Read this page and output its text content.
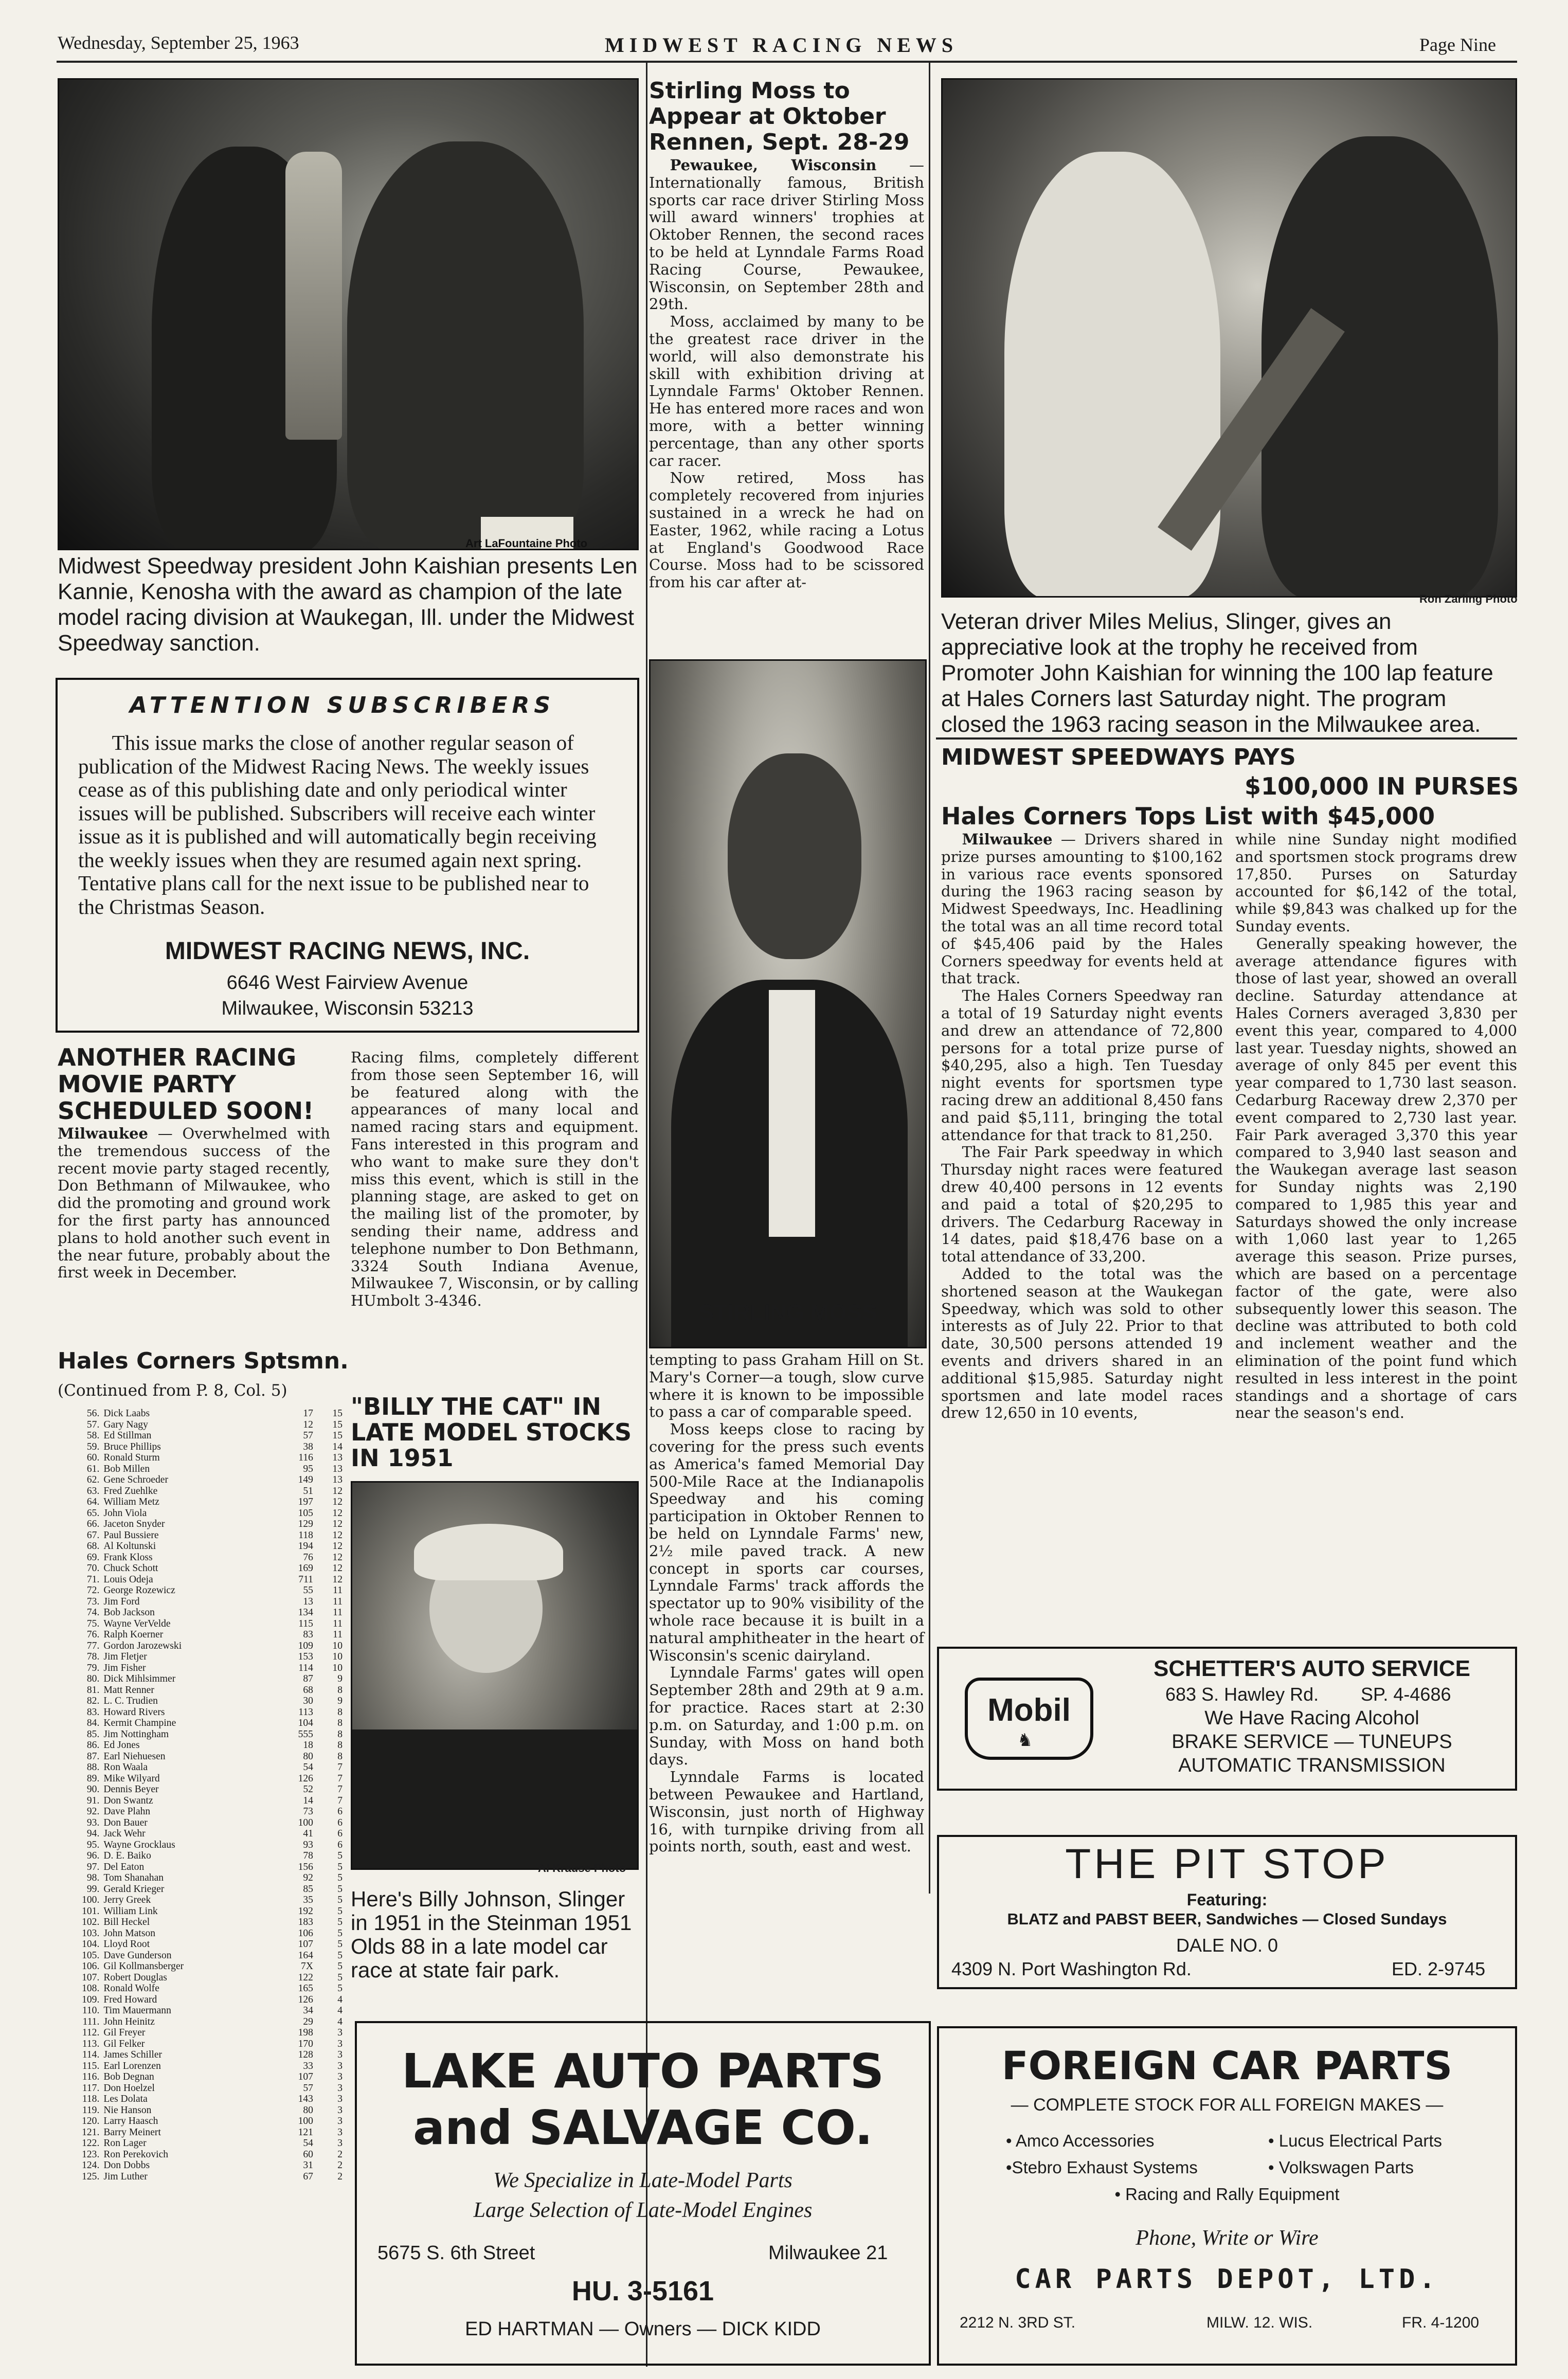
Wednesday, September 25, 1963	MIDWEST RACING NEWS	Page Nine
Art LaFountaine Photo
Midwest Speedway president John Kaishian presents Len Kannie, Kenosha with the award as champion of the late model racing division at Waukegan, Ill. under the Midwest Speedway sanction.
ATTENTION SUBSCRIBERS
This issue marks the close of another regular season of publication of the Midwest Racing News. The weekly issues cease as of this publishing date and only periodical winter issues will be published. Subscribers will receive each winter issue as it is published and will automatically begin receiving the weekly issues when they are resumed again next spring. Tentative plans call for the next issue to be published near to the Christmas Season.
MIDWEST RACING NEWS, INC.
6646 West Fairview Avenue
Milwaukee, Wisconsin 53213
ANOTHER RACING MOVIE PARTY SCHEDULED SOON!
Milwaukee — Overwhelmed with the tremendous success of the recent movie party staged recently, Don Bethmann of Milwaukee, who did the promoting and ground work for the first party has announced plans to hold another such event in the near future, probably about the first week in December.
Racing films, completely different from those seen September 16, will be featured along with the appearances of many local and named racing stars and equipment. Fans interested in this program and who want to make sure they don't miss this event, which is still in the planning stage, are asked to get on the mailing list of the promoter, by sending their name, address and telephone number to Don Bethmann, 3324 South Indiana Avenue, Milwaukee 7, Wisconsin, or by calling HUmbolt 3-4346.
Hales Corners Sptsmn.
(Continued from P. 8, Col. 5)
56.	Dick Laabs	17	15
57.	Gary Nagy	12	15
58.	Ed Stillman	57	15
59.	Bruce Phillips	38	14
60.	Ronald Sturm	116	13
61.	Bob Millen	95	13
62.	Gene Schroeder	149	13
63.	Fred Zuehlke	51	12
64.	William Metz	197	12
65.	John Viola	105	12
66.	Jaceton Snyder	129	12
67.	Paul Bussiere	118	12
68.	Al Koltunski	194	12
69.	Frank Kloss	76	12
70.	Chuck Schott	169	12
71.	Louis Odeja	711	12
72.	George Rozewicz	55	11
73.	Jim Ford	13	11
74.	Bob Jackson	134	11
75.	Wayne VerVelde	115	11
76.	Ralph Koerner	83	11
77.	Gordon Jarozewski	109	10
78.	Jim Fletjer	153	10
79.	Jim Fisher	114	10
80.	Dick Mihlsimmer	87	9
81.	Matt Renner	68	8
82.	L. C. Trudien	30	9
83.	Howard Rivers	113	8
84.	Kermit Champine	104	8
85.	Jim Nottingham	555	8
86.	Ed Jones	18	8
87.	Earl Niehuesen	80	8
88.	Ron Waala	54	7
89.	Mike Wilyard	126	7
90.	Dennis Beyer	52	7
91.	Don Swantz	14	7
92.	Dave Plahn	73	6
93.	Don Bauer	100	6
94.	Jack Wehr	41	6
95.	Wayne Grocklaus	93	6
96.	D. E. Baiko	78	5
97.	Del Eaton	156	5
98.	Tom Shanahan	92	5
99.	Gerald Krieger	85	5
100.	Jerry Greek	35	5
101.	William Link	192	5
102.	Bill Heckel	183	5
103.	John Matson	106	5
104.	Lloyd Root	107	5
105.	Dave Gunderson	164	5
106.	Gil Kollmansberger	7X	5
107.	Robert Douglas	122	5
108.	Ronald Wolfe	165	5
109.	Fred Howard	126	4
110.	Tim Mauermann	34	4
111.	John Heinitz	29	4
112.	Gil Freyer	198	3
113.	Gil Felker	170	3
114.	James Schiller	128	3
115.	Earl Lorenzen	33	3
116.	Bob Degnan	107	3
117.	Don Hoelzel	57	3
118.	Les Dolata	143	3
119.	Nie Hanson	80	3
120.	Larry Haasch	100	3
121.	Barry Meinert	121	3
122.	Ron Lager	54	3
123.	Ron Perekovich	60	2
124.	Don Dobbs	31	2
125.	Jim Luther	67	2
"BILLY THE CAT" IN LATE MODEL STOCKS IN 1951
Al Krause Photo
Here's Billy Johnson, Slinger in 1951 in the Steinman 1951 Olds 88 in a late model car race at state fair park.
Stirling Moss to Appear at Oktober Rennen, Sept. 28-29

Pewaukee, Wisconsin — Internationally famous, British sports car race driver Stirling Moss will award winners' trophies at Oktober Rennen, the second races to be held at Lynndale Farms Road Racing Course, Pewaukee, Wisconsin, on September 28th and 29th.

Moss, acclaimed by many to be the greatest race driver in the world, will also demonstrate his skill with exhibition driving at Lynndale Farms' Oktober Rennen. He has entered more races and won more, with a better winning percentage, than any other sports car racer.

Now retired, Moss has completely recovered from injuries sustained in a wreck he had on Easter, 1962, while racing a Lotus at England's Goodwood Race Course. Moss had to be scissored from his car after at-

STIRLING MOSS

tempting to pass Graham Hill on St. Mary's Corner—a tough, slow curve where it is known to be impossible to pass a car of comparable speed.

Moss keeps close to racing by covering for the press such events as America's famed Memorial Day 500-Mile Race at the Indianapolis Speedway and his coming participation in Oktober Rennen to be held on Lynndale Farms' new, 2½ mile paved track. A new concept in sports car courses, Lynndale Farms' track affords the spectator up to 90% visibility of the whole race because it is built in a natural amphitheater in the heart of Wisconsin's scenic dairyland.

Lynndale Farms' gates will open September 28th and 29th at 9 a.m. for practice. Races start at 2:30 p.m. on Saturday, and 1:00 p.m. on Sunday, with Moss on hand both days.

Lynndale Farms is located between Pewaukee and Hartland, Wisconsin, just north of Highway 16, with turnpike driving from all points north, south, east and west.

Ron Zarling Photo
Veteran driver Miles Melius, Slinger, gives an appreciative look at the trophy he received from Promoter John Kaishian for winning the 100 lap feature at Hales Corners last Saturday night. The program closed the 1963 racing season in the Milwaukee area.
MIDWEST SPEEDWAYS PAYS
$100,000 IN PURSES
Hales Corners Tops List with $45,000

Milwaukee — Drivers shared in prize purses amounting to $100,162 in various race events sponsored during the 1963 racing season by Midwest Speedways, Inc. Headlining the total was an all time record total of $45,406 paid by the Hales Corners speedway for events held at that track.

The Hales Corners Speedway ran a total of 19 Saturday night events and drew an attendance of 72,800 persons for a total prize purse of $40,295, also a high. Ten Tuesday night events for sportsmen type racing drew an additional 8,450 fans and paid $5,111, bringing the total attendance for that track to 81,250.

The Fair Park speedway in which Thursday night races were featured drew 40,400 persons in 12 events and paid a total of $20,295 to drivers. The Cedarburg Raceway in 14 dates, paid $18,476 base on a total attendance of 33,200.

Added to the total was the shortened season at the Waukegan Speedway, which was sold to other interests as of July 22. Prior to that date, 30,500 persons attended 19 events and drivers shared in an additional $15,985. Saturday night sportsmen and late model races drew 12,650 in 10 events,

while nine Sunday night modified and sportsmen stock programs drew 17,850. Purses on Saturday accounted for $6,142 of the total, while $9,843 was chalked up for the Sunday events.

Generally speaking however, the average attendance figures with those of last year, showed an overall decline. Saturday attendance at Hales Corners averaged 3,830 per event this year, compared to 4,000 last year. Tuesday nights, showed an average of only 845 per event this year compared to 1,730 last season. Cedarburg Raceway drew 2,370 per event compared to 2,730 last year. Fair Park averaged 3,370 this year compared to 3,940 last season and the Waukegan average last season for Sunday nights was 2,190 compared to 1,985 this year and Saturdays showed the only increase with 1,060 last year to 1,265 average this season. Prize purses, which are based on a percentage factor of the gate, were also subsequently lower this season. The decline was attributed to both cold and inclement weather and the elimination of the point fund which resulted in less interest in the point standings and a shortage of cars near the season's end.

Mobil
♞
SCHETTER'S AUTO SERVICE
683 S. Hawley Rd. SP. 4-4686
We Have Racing Alcohol
BRAKE SERVICE — TUNEUPS
AUTOMATIC TRANSMISSION
THE PIT STOP
Featuring:
BLATZ and PABST BEER, Sandwiches — Closed Sundays
DALE NO. 0
4309 N. Port Washington Rd.	ED. 2-9745
LAKE AUTO PARTS
and SALVAGE CO.
We Specialize in Late-Model Parts
Large Selection of Late-Model Engines
5675 S. 6th Street	Milwaukee 21
HU. 3-5161
ED HARTMAN — Owners — DICK KIDD
FOREIGN CAR PARTS
— COMPLETE STOCK FOR ALL FOREIGN MAKES —
• Amco Accessories	• Lucus Electrical Parts
•Stebro Exhaust Systems	• Volkswagen Parts
• Racing and Rally Equipment
Phone, Write or Wire
CAR PARTS DEPOT, LTD.
2212 N. 3RD ST.	MILW. 12. WIS.	FR. 4-1200
